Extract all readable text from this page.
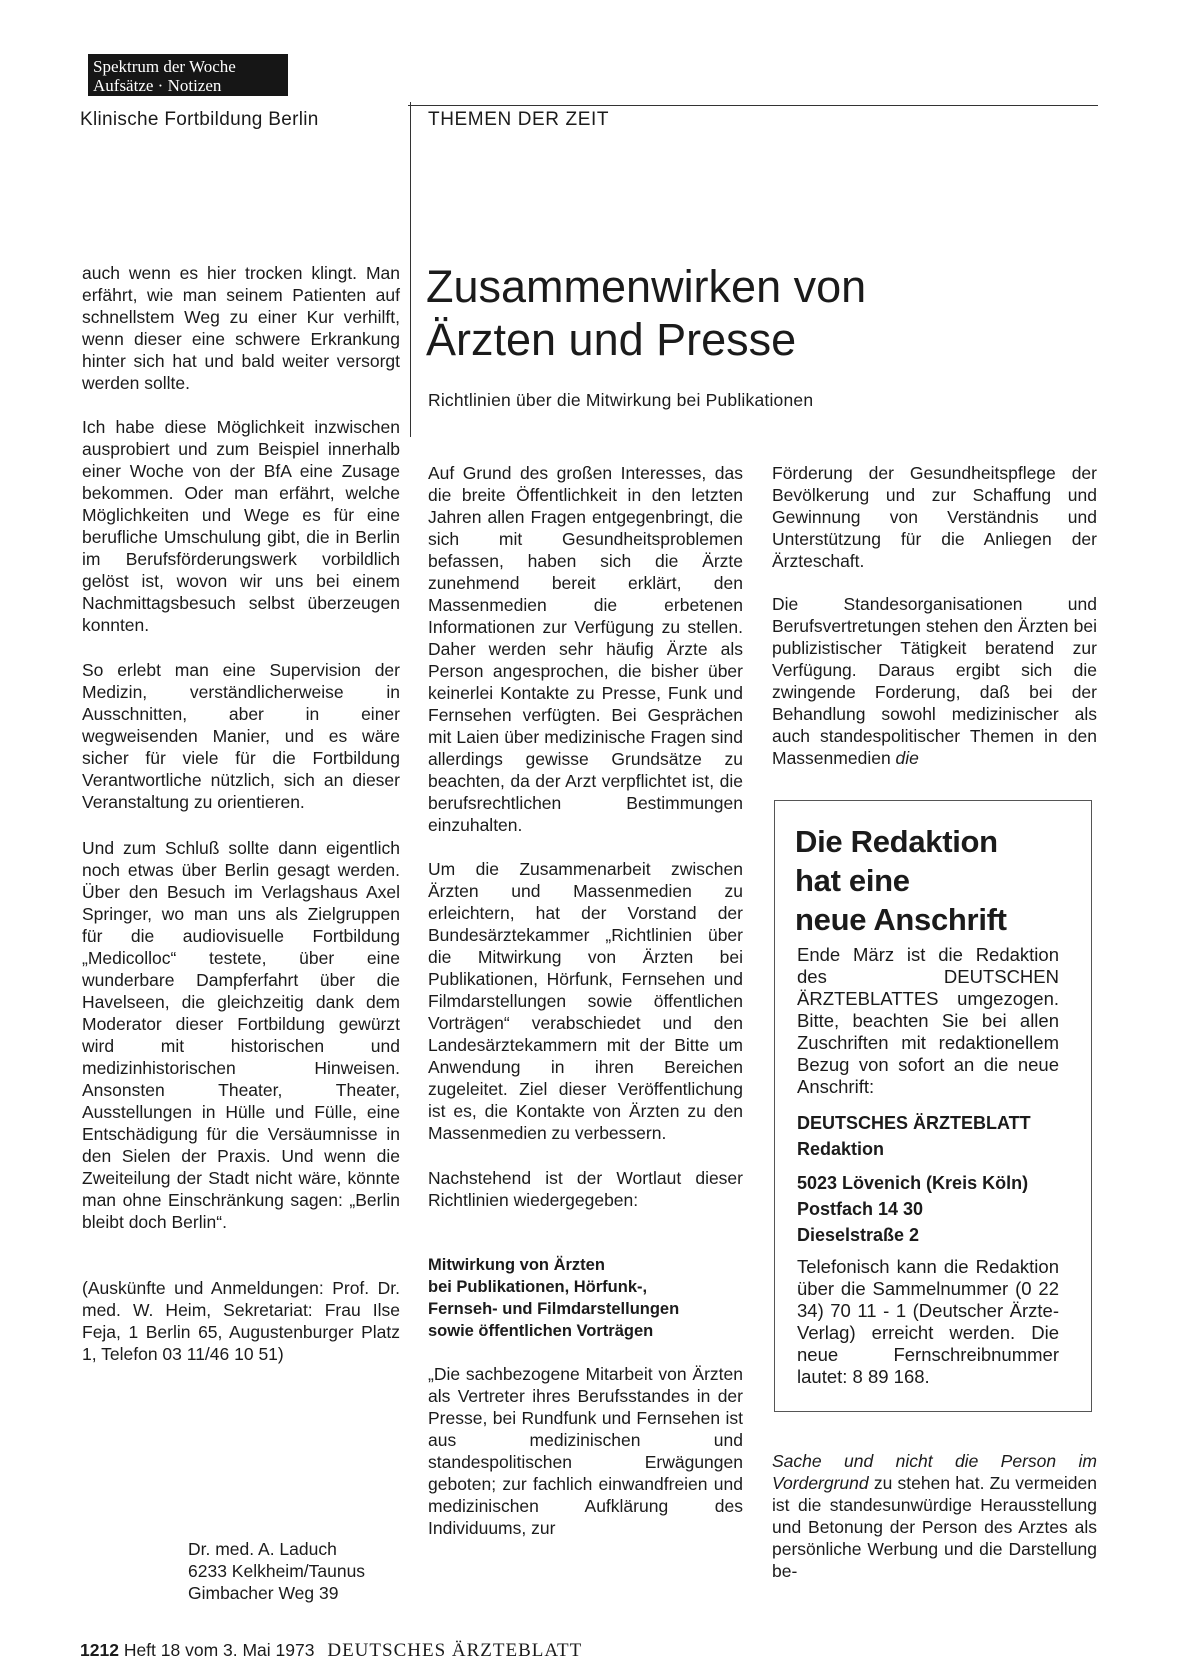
Spektrum der Woche
Aufsätze · Notizen
Klinische Fortbildung Berlin	THEMEN DER ZEIT

auch wenn es hier trocken klingt. Man erfährt, wie man seinem Patienten auf schnellstem Weg zu einer Kur verhilft, wenn dieser eine schwere Erkrankung hinter sich hat und bald weiter versorgt werden sollte.

Ich habe diese Möglichkeit inzwischen ausprobiert und zum Beispiel innerhalb einer Woche von der BfA eine Zusage bekommen. Oder man erfährt, welche Möglichkeiten und Wege es für eine berufliche Umschulung gibt, die in Berlin im Berufsförderungswerk vorbildlich gelöst ist, wovon wir uns bei einem Nachmittagsbesuch selbst überzeugen konnten.

So erlebt man eine Supervision der Medizin, verständlicherweise in Ausschnitten, aber in einer wegweisenden Manier, und es wäre sicher für viele für die Fortbildung Verantwortliche nützlich, sich an dieser Veranstaltung zu orientieren.

Und zum Schluß sollte dann eigentlich noch etwas über Berlin gesagt werden. Über den Besuch im Verlagshaus Axel Springer, wo man uns als Zielgruppen für die audiovisuelle Fortbildung „Medicolloc“ testete, über eine wunderbare Dampferfahrt über die Havelseen, die gleichzeitig dank dem Moderator dieser Fortbildung gewürzt wird mit historischen und medizinhistorischen Hinweisen. Ansonsten Theater, Theater, Ausstellungen in Hülle und Fülle, eine Entschädigung für die Versäumnisse in den Sielen der Praxis. Und wenn die Zweiteilung der Stadt nicht wäre, könnte man ohne Einschränkung sagen: „Berlin bleibt doch Berlin“.

(Auskünfte und Anmeldungen: Prof. Dr. med. W. Heim, Sekretariat: Frau Ilse Feja, 1 Berlin 65, Augustenburger Platz 1, Telefon 03 11/46 10 51)

Dr. med. A. Laduch
6233 Kelkheim/Taunus
Gimbacher Weg 39
Zusammenwirken von
Ärzten und Presse
Richtlinien über die Mitwirkung bei Publikationen

Auf Grund des großen Interesses, das die breite Öffentlichkeit in den letzten Jahren allen Fragen entgegenbringt, die sich mit Gesundheitsproblemen befassen, haben sich die Ärzte zunehmend bereit erklärt, den Massenmedien die erbetenen Informationen zur Verfügung zu stellen. Daher werden sehr häufig Ärzte als Person angesprochen, die bisher über keinerlei Kontakte zu Presse, Funk und Fernsehen verfügten. Bei Gesprächen mit Laien über medizinische Fragen sind allerdings gewisse Grundsätze zu beachten, da der Arzt verpflichtet ist, die berufsrechtlichen Bestimmungen einzuhalten.

Um die Zusammenarbeit zwischen Ärzten und Massenmedien zu erleichtern, hat der Vorstand der Bundesärztekammer „Richtlinien über die Mitwirkung von Ärzten bei Publikationen, Hörfunk, Fernsehen und Filmdarstellungen sowie öffentlichen Vorträgen“ verabschiedet und den Landesärztekammern mit der Bitte um Anwendung in ihren Bereichen zugeleitet. Ziel dieser Veröffentlichung ist es, die Kontakte von Ärzten zu den Massenmedien zu verbessern.

Nachstehend ist der Wortlaut dieser Richtlinien wiedergegeben:

Mitwirkung von Ärzten
bei Publikationen, Hörfunk-,
Fernseh- und Filmdarstellungen
sowie öffentlichen Vorträgen

„Die sachbezogene Mitarbeit von Ärzten als Vertreter ihres Berufsstandes in der Presse, bei Rundfunk und Fernsehen ist aus medizinischen und standespolitischen Erwägungen geboten; zur fachlich einwandfreien und medizinischen Aufklärung des Individuums, zur

Förderung der Gesundheitspflege der Bevölkerung und zur Schaffung und Gewinnung von Verständnis und Unterstützung für die Anliegen der Ärzteschaft.

Die Standesorganisationen und Berufsvertretungen stehen den Ärzten bei publizistischer Tätigkeit beratend zur Verfügung. Daraus ergibt sich die zwingende Forderung, daß bei der Behandlung sowohl medizinischer als auch standespolitischer Themen in den Massenmedien die

Sache und nicht die Person im Vordergrund zu stehen hat. Zu vermeiden ist die standesunwürdige Herausstellung und Betonung der Person des Arztes als persönliche Werbung und die Darstellung be-

Die Redaktion
hat eine
neue Anschrift
Ende März ist die Redaktion des DEUTSCHEN ÄRZTEBLATTES umgezogen. Bitte, beachten Sie bei allen Zuschriften mit redaktionellem Bezug von sofort an die neue Anschrift:
DEUTSCHES ÄRZTEBLATT
Redaktion
5023 Lövenich (Kreis Köln)
Postfach 14 30
Dieselstraße 2
Telefonisch kann die Redaktion über die Sammelnummer (0 22 34) 70 11 - 1 (Deutscher Ärzte-Verlag) erreicht werden. Die neue Fernschreibnummer lautet: 8 89 168.
1212 Heft 18 vom 3. Mai 1973 DEUTSCHES ÄRZTEBLATT
